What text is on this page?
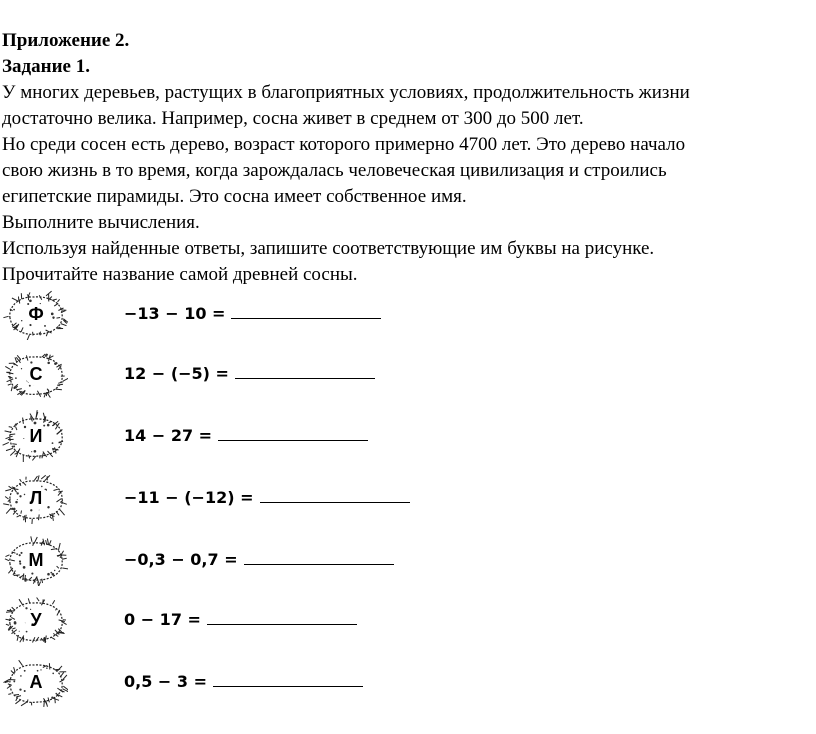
Приложение 2.
Задание 1.
У многих деревьев, растущих в благоприятных условиях, продолжительность жизни
достаточно велика. Например, сосна живет в среднем от 300 до 500 лет.
Но среди сосен есть дерево, возраст которого примерно 4700 лет. Это дерево начало
свою жизнь в то время, когда зарождалась человеческая цивилизация и строились
египетские пирамиды. Это сосна имеет собственное имя.
Выполните вычисления.
Используя найденные ответы, запишите соответствующие им буквы на рисунке.
Прочитайте название самой древней сосны.
Ф	−13 − 10 =
С	12 − (−5) =
И	14 − 27 =
Л	−11 − (−12) =
М	−0,3 − 0,7 =
У	0 − 17 =
А	0,5 − 3 =
